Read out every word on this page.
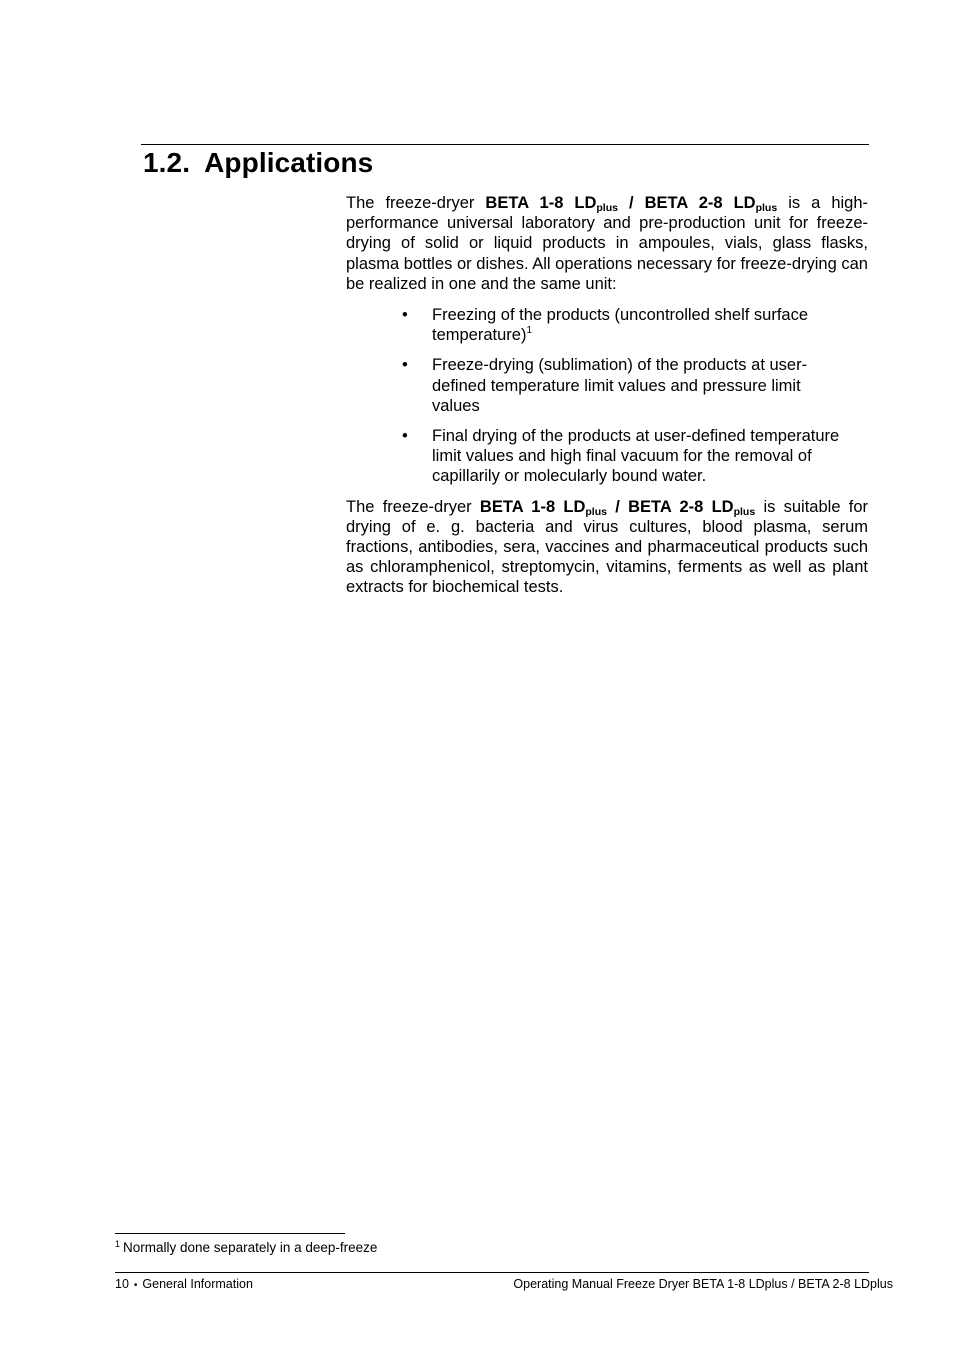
1.2. Applications

The freeze-dryer BETA 1-8 $LD_{plus}$ / BETA 2-8 $LD_{plus}$ is a high-performance universal laboratory and pre-production unit for freeze-drying of solid or liquid products in ampoules, vials, glass flasks, plasma bottles or dishes. All operations necessary for freeze-drying can be realized in one and the same unit:

• Freezing of the products (uncontrolled shelf surface temperature)$^1$
• Freeze-drying (sublimation) of the products at user-defined temperature limit values and pressure limit values
• Final drying of the products at user-defined temperature limit values and high final vacuum for the removal of capillarily or molecularly bound water.

The freeze-dryer BETA 1-8 $LD_{plus}$ / BETA 2-8 $LD_{plus}$ is suitable for drying of e. g. bacteria and virus cultures, blood plasma, serum fractions, antibodies, sera, vaccines and pharmaceutical products such as chloramphenicol, streptomycin, vitamins, ferments as well as plant extracts for biochemical tests.

$^1$ Normally done separately in a deep-freeze
10 • General Information	Operating Manual Freeze Dryer BETA 1-8 LDplus / BETA 2-8 LDplus
